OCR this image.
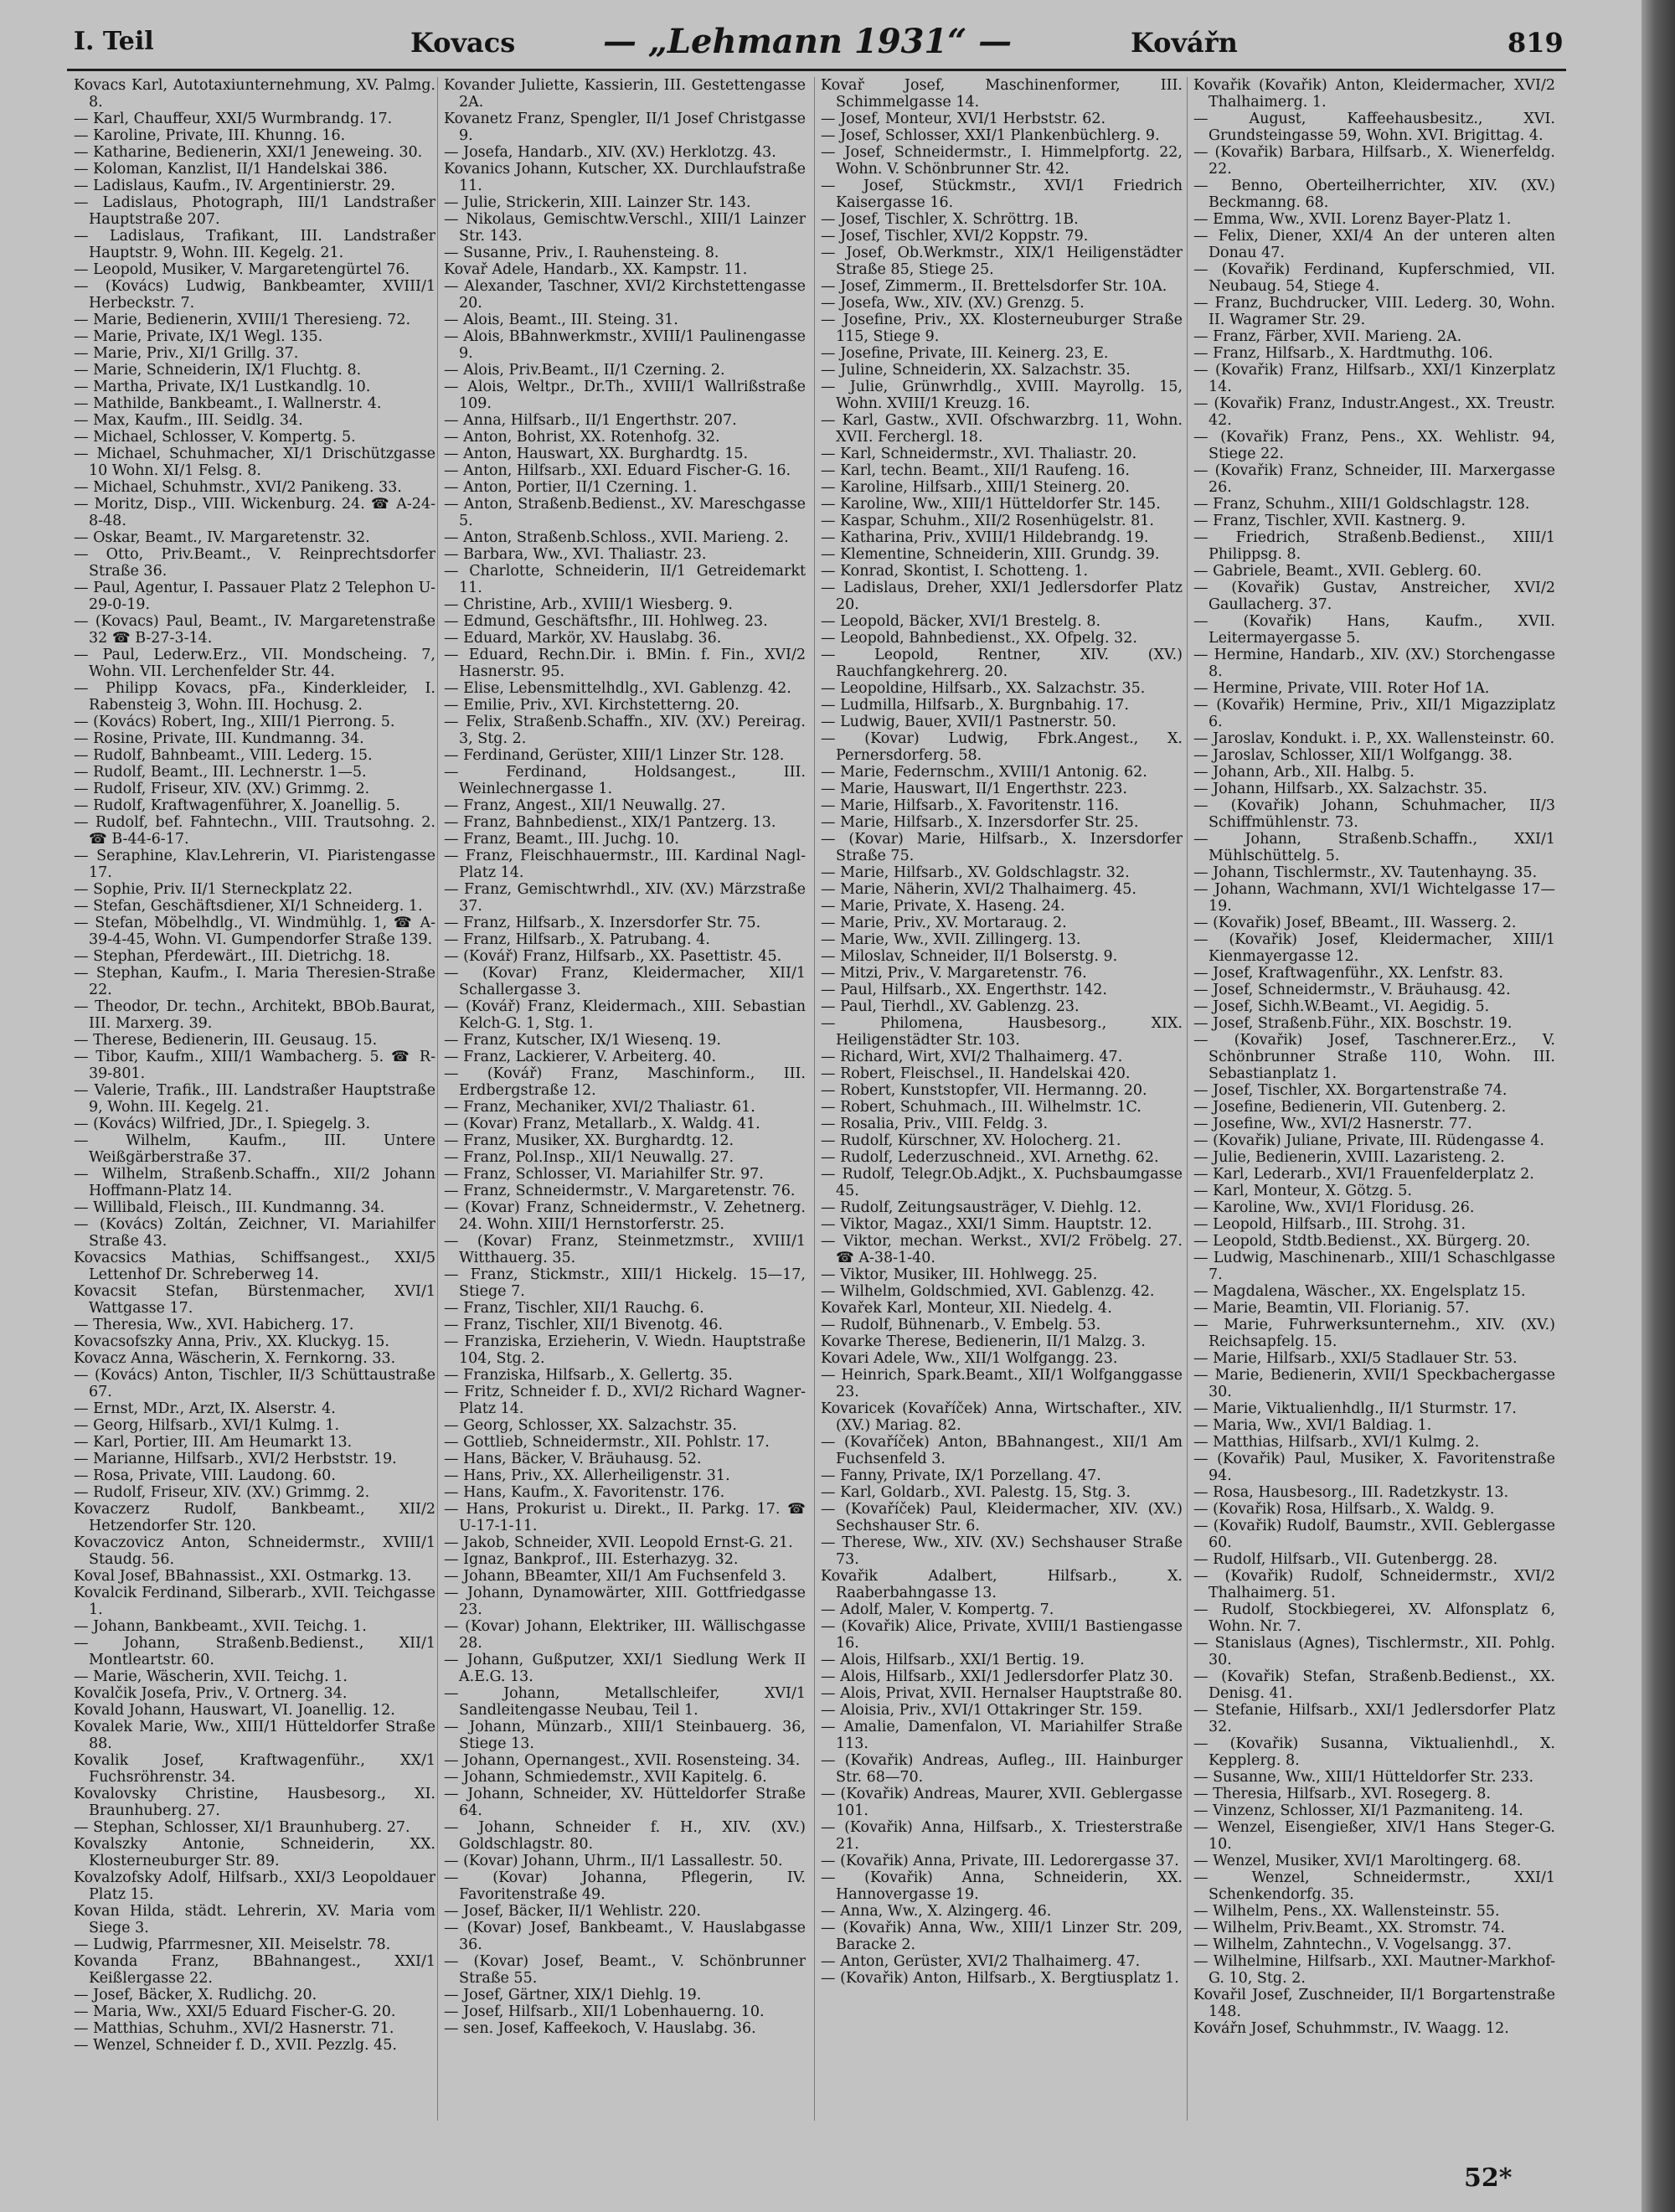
I. Teil	Kovacs	— „Lehmann 1931“ —	Kovářn	819

Kovacs Karl, Autotaxiunternehmung, XV. Palmg. 8.

— Karl, Chauffeur, XXI/5 Wurmbrandg. 17.

— Karoline, Private, III. Khunng. 16.

— Katharine, Bedienerin, XXI/1 Jeneweing. 30.

— Koloman, Kanzlist, II/1 Handelskai 386.

— Ladislaus, Kaufm., IV. Argentinierstr. 29.

— Ladislaus, Photograph, III/1 Landstraßer Hauptstraße 207.

— Ladislaus, Trafikant, III. Landstraßer Hauptstr. 9, Wohn. III. Kegelg. 21.

— Leopold, Musiker, V. Margaretengürtel 76.

— (Kovács) Ludwig, Bankbeamter, XVIII/1 Herbeckstr. 7.

— Marie, Bedienerin, XVIII/1 Theresieng. 72.

— Marie, Private, IX/1 Wegl. 135.

— Marie, Priv., XI/1 Grillg. 37.

— Marie, Schneiderin, IX/1 Fluchtg. 8.

— Martha, Private, IX/1 Lustkandlg. 10.

— Mathilde, Bankbeamt., I. Wallnerstr. 4.

— Max, Kaufm., III. Seidlg. 34.

— Michael, Schlosser, V. Kompertg. 5.

— Michael, Schuhmacher, XI/1 Drischützgasse 10 Wohn. XI/1 Felsg. 8.

— Michael, Schuhmstr., XVI/2 Panikeng. 33.

— Moritz, Disp., VIII. Wickenburg. 24. ☎ A-24-8-48.

— Oskar, Beamt., IV. Margaretenstr. 32.

— Otto, Priv.Beamt., V. Reinprechtsdorfer Straße 36.

— Paul, Agentur, I. Passauer Platz 2 Telephon U-29-0-19.

— (Kovacs) Paul, Beamt., IV. Margaretenstraße 32 ☎ B-27-3-14.

— Paul, Lederw.Erz., VII. Mondscheing. 7, Wohn. VII. Lerchenfelder Str. 44.

— Philipp Kovacs, pFa., Kinderkleider, I. Rabensteig 3, Wohn. III. Hochusg. 2.

— (Kovács) Robert, Ing., XIII/1 Pierrong. 5.

— Rosine, Private, III. Kundmanng. 34.

— Rudolf, Bahnbeamt., VIII. Lederg. 15.

— Rudolf, Beamt., III. Lechnerstr. 1—5.

— Rudolf, Friseur, XIV. (XV.) Grimmg. 2.

— Rudolf, Kraftwagenführer, X. Joanellig. 5.

— Rudolf, bef. Fahntechn., VIII. Trautsohng. 2. ☎ B-44-6-17.

— Seraphine, Klav.Lehrerin, VI. Piaristengasse 17.

— Sophie, Priv. II/1 Sterneckplatz 22.

— Stefan, Geschäftsdiener, XI/1 Schneiderg. 1.

— Stefan, Möbelhdlg., VI. Windmühlg. 1, ☎ A-39-4-45, Wohn. VI. Gumpendorfer Straße 139.

— Stephan, Pferdewärt., III. Dietrichg. 18.

— Stephan, Kaufm., I. Maria Theresien-Straße 22.

— Theodor, Dr. techn., Architekt, BBOb.Baurat, III. Marxerg. 39.

— Therese, Bedienerin, III. Geusaug. 15.

— Tibor, Kaufm., XIII/1 Wambacherg. 5. ☎ R-39-801.

— Valerie, Trafik., III. Landstraßer Hauptstraße 9, Wohn. III. Kegelg. 21.

— (Kovács) Wilfried, JDr., I. Spiegelg. 3.

— Wilhelm, Kaufm., III. Untere Weißgärberstraße 37.

— Wilhelm, Straßenb.Schaffn., XII/2 Johann Hoffmann-Platz 14.

— Willibald, Fleisch., III. Kundmanng. 34.

— (Kovács) Zoltán, Zeichner, VI. Mariahilfer Straße 43.

Kovacsics Mathias, Schiffsangest., XXI/5 Lettenhof Dr. Schreberweg 14.

Kovacsit Stefan, Bürstenmacher, XVI/1 Wattgasse 17.

— Theresia, Ww., XVI. Habicherg. 17.

Kovacsofszky Anna, Priv., XX. Kluckyg. 15.

Kovacz Anna, Wäscherin, X. Fernkorng. 33.

— (Kovács) Anton, Tischler, II/3 Schüttaustraße 67.

— Ernst, MDr., Arzt, IX. Alserstr. 4.

— Georg, Hilfsarb., XVI/1 Kulmg. 1.

— Karl, Portier, III. Am Heumarkt 13.

— Marianne, Hilfsarb., XVI/2 Herbststr. 19.

— Rosa, Private, VIII. Laudong. 60.

— Rudolf, Friseur, XIV. (XV.) Grimmg. 2.

Kovaczerz Rudolf, Bankbeamt., XII/2 Hetzendorfer Str. 120.

Kovaczovicz Anton, Schneidermstr., XVIII/1 Staudg. 56.

Koval Josef, BBahnassist., XXI. Ostmarkg. 13.

Kovalcik Ferdinand, Silberarb., XVII. Teichgasse 1.

— Johann, Bankbeamt., XVII. Teichg. 1.

— Johann, Straßenb.Bedienst., XII/1 Montleartstr. 60.

— Marie, Wäscherin, XVII. Teichg. 1.

Kovalčik Josefa, Priv., V. Ortnerg. 34.

Kovald Johann, Hauswart, VI. Joanellig. 12.

Kovalek Marie, Ww., XIII/1 Hütteldorfer Straße 88.

Kovalik Josef, Kraftwagenführ., XX/1 Fuchsröhrenstr. 34.

Kovalovsky Christine, Hausbesorg., XI. Braunhuberg. 27.

— Stephan, Schlosser, XI/1 Braunhuberg. 27.

Kovalszky Antonie, Schneiderin, XX. Klosterneuburger Str. 89.

Kovalzofsky Adolf, Hilfsarb., XXI/3 Leopoldauer Platz 15.

Kovan Hilda, städt. Lehrerin, XV. Maria vom Siege 3.

— Ludwig, Pfarrmesner, XII. Meiselstr. 78.

Kovanda Franz, BBahnangest., XXI/1 Keißlergasse 22.

— Josef, Bäcker, X. Rudlichg. 20.

— Maria, Ww., XXI/5 Eduard Fischer-G. 20.

— Matthias, Schuhm., XVI/2 Hasnerstr. 71.

— Wenzel, Schneider f. D., XVII. Pezzlg. 45.

Kovander Juliette, Kassierin, III. Gestettengasse 2A.

Kovanetz Franz, Spengler, II/1 Josef Christgasse 9.

— Josefa, Handarb., XIV. (XV.) Herklotzg. 43.

Kovanics Johann, Kutscher, XX. Durchlaufstraße 11.

— Julie, Strickerin, XIII. Lainzer Str. 143.

— Nikolaus, Gemischtw.Verschl., XIII/1 Lainzer Str. 143.

— Susanne, Priv., I. Rauhensteing. 8.

Kovař Adele, Handarb., XX. Kampstr. 11.

— Alexander, Taschner, XVI/2 Kirchstettengasse 20.

— Alois, Beamt., III. Steing. 31.

— Alois, BBahnwerkmstr., XVIII/1 Paulinengasse 9.

— Alois, Priv.Beamt., II/1 Czerning. 2.

— Alois, Weltpr., Dr.Th., XVIII/1 Wallrißstraße 109.

— Anna, Hilfsarb., II/1 Engerthstr. 207.

— Anton, Bohrist, XX. Rotenhofg. 32.

— Anton, Hauswart, XX. Burghardtg. 15.

— Anton, Hilfsarb., XXI. Eduard Fischer-G. 16.

— Anton, Portier, II/1 Czerning. 1.

— Anton, Straßenb.Bedienst., XV. Mareschgasse 5.

— Anton, Straßenb.Schloss., XVII. Marieng. 2.

— Barbara, Ww., XVI. Thaliastr. 23.

— Charlotte, Schneiderin, II/1 Getreidemarkt 11.

— Christine, Arb., XVIII/1 Wiesberg. 9.

— Edmund, Geschäftsfhr., III. Hohlweg. 23.

— Eduard, Markör, XV. Hauslabg. 36.

— Eduard, Rechn.Dir. i. BMin. f. Fin., XVI/2 Hasnerstr. 95.

— Elise, Lebensmittelhdlg., XVI. Gablenzg. 42.

— Emilie, Priv., XVI. Kirchstetterng. 20.

— Felix, Straßenb.Schaffn., XIV. (XV.) Pereirag. 3, Stg. 2.

— Ferdinand, Gerüster, XIII/1 Linzer Str. 128.

— Ferdinand, Holdsangest., III. Weinlechnergasse 1.

— Franz, Angest., XII/1 Neuwallg. 27.

— Franz, Bahnbedienst., XIX/1 Pantzerg. 13.

— Franz, Beamt., III. Juchg. 10.

— Franz, Fleischhauermstr., III. Kardinal Nagl-Platz 14.

— Franz, Gemischtwrhdl., XIV. (XV.) Märzstraße 37.

— Franz, Hilfsarb., X. Inzersdorfer Str. 75.

— Franz, Hilfsarb., X. Patrubang. 4.

— (Kovář) Franz, Hilfsarb., XX. Pasettistr. 45.

— (Kovar) Franz, Kleidermacher, XII/1 Schallergasse 3.

— (Kovář) Franz, Kleidermach., XIII. Sebastian Kelch-G. 1, Stg. 1.

— Franz, Kutscher, IX/1 Wiesenq. 19.

— Franz, Lackierer, V. Arbeiterg. 40.

— (Kovář) Franz, Maschinform., III. Erdbergstraße 12.

— Franz, Mechaniker, XVI/2 Thaliastr. 61.

— (Kovar) Franz, Metallarb., X. Waldg. 41.

— Franz, Musiker, XX. Burghardtg. 12.

— Franz, Pol.Insp., XII/1 Neuwallg. 27.

— Franz, Schlosser, VI. Mariahilfer Str. 97.

— Franz, Schneidermstr., V. Margaretenstr. 76.

— (Kovar) Franz, Schneidermstr., V. Zehetnerg. 24. Wohn. XIII/1 Hernstorferstr. 25.

— (Kovar) Franz, Steinmetzmstr., XVIII/1 Witthauerg. 35.

— Franz, Stickmstr., XIII/1 Hickelg. 15—17, Stiege 7.

— Franz, Tischler, XII/1 Rauchg. 6.

— Franz, Tischler, XII/1 Bivenotg. 46.

— Franziska, Erzieherin, V. Wiedn. Hauptstraße 104, Stg. 2.

— Franziska, Hilfsarb., X. Gellertg. 35.

— Fritz, Schneider f. D., XVI/2 Richard Wagner-Platz 14.

— Georg, Schlosser, XX. Salzachstr. 35.

— Gottlieb, Schneidermstr., XII. Pohlstr. 17.

— Hans, Bäcker, V. Bräuhausg. 52.

— Hans, Priv., XX. Allerheiligenstr. 31.

— Hans, Kaufm., X. Favoritenstr. 176.

— Hans, Prokurist u. Direkt., II. Parkg. 17. ☎ U-17-1-11.

— Jakob, Schneider, XVII. Leopold Ernst-G. 21.

— Ignaz, Bankprof., III. Esterhazyg. 32.

— Johann, BBeamter, XII/1 Am Fuchsenfeld 3.

— Johann, Dynamowärter, XIII. Gottfriedgasse 23.

— (Kovar) Johann, Elektriker, III. Wällischgasse 28.

— Johann, Gußputzer, XXI/1 Siedlung Werk II A.E.G. 13.

— Johann, Metallschleifer, XVI/1 Sandleitengasse Neubau, Teil 1.

— Johann, Münzarb., XIII/1 Steinbauerg. 36, Stiege 13.

— Johann, Opernangest., XVII. Rosensteing. 34.

— Johann, Schmiedemstr., XVII Kapitelg. 6.

— Johann, Schneider, XV. Hütteldorfer Straße 64.

— Johann, Schneider f. H., XIV. (XV.) Goldschlagstr. 80.

— (Kovar) Johann, Uhrm., II/1 Lassallestr. 50.

— (Kovar) Johanna, Pflegerin, IV. Favoritenstraße 49.

— Josef, Bäcker, II/1 Wehlistr. 220.

— (Kovar) Josef, Bankbeamt., V. Hauslabgasse 36.

— (Kovar) Josef, Beamt., V. Schönbrunner Straße 55.

— Josef, Gärtner, XIX/1 Diehlg. 19.

— Josef, Hilfsarb., XII/1 Lobenhauerng. 10.

— sen. Josef, Kaffeekoch, V. Hauslabg. 36.

Kovař Josef, Maschinenformer, III. Schimmelgasse 14.

— Josef, Monteur, XVI/1 Herbststr. 62.

— Josef, Schlosser, XXI/1 Plankenbüchlerg. 9.

— Josef, Schneidermstr., I. Himmelpfortg. 22, Wohn. V. Schönbrunner Str. 42.

— Josef, Stückmstr., XVI/1 Friedrich Kaisergasse 16.

— Josef, Tischler, X. Schröttrg. 1B.

— Josef, Tischler, XVI/2 Koppstr. 79.

— Josef, Ob.Werkmstr., XIX/1 Heiligenstädter Straße 85, Stiege 25.

— Josef, Zimmerm., II. Brettelsdorfer Str. 10A.

— Josefa, Ww., XIV. (XV.) Grenzg. 5.

— Josefine, Priv., XX. Klosterneuburger Straße 115, Stiege 9.

— Josefine, Private, III. Keinerg. 23, E.

— Juline, Schneiderin, XX. Salzachstr. 35.

— Julie, Grünwrhdlg., XVIII. Mayrollg. 15, Wohn. XVIII/1 Kreuzg. 16.

— Karl, Gastw., XVII. Ofschwarzbrg. 11, Wohn. XVII. Ferchergl. 18.

— Karl, Schneidermstr., XVI. Thaliastr. 20.

— Karl, techn. Beamt., XII/1 Raufeng. 16.

— Karoline, Hilfsarb., XIII/1 Steinerg. 20.

— Karoline, Ww., XIII/1 Hütteldorfer Str. 145.

— Kaspar, Schuhm., XII/2 Rosenhügelstr. 81.

— Katharina, Priv., XVIII/1 Hildebrandg. 19.

— Klementine, Schneiderin, XIII. Grundg. 39.

— Konrad, Skontist, I. Schotteng. 1.

— Ladislaus, Dreher, XXI/1 Jedlersdorfer Platz 20.

— Leopold, Bäcker, XVI/1 Brestelg. 8.

— Leopold, Bahnbedienst., XX. Ofpelg. 32.

— Leopold, Rentner, XIV. (XV.) Rauchfangkehrerg. 20.

— Leopoldine, Hilfsarb., XX. Salzachstr. 35.

— Ludmilla, Hilfsarb., X. Burgnbahig. 17.

— Ludwig, Bauer, XVII/1 Pastnerstr. 50.

— (Kovar) Ludwig, Fbrk.Angest., X. Pernersdorferg. 58.

— Marie, Federnschm., XVIII/1 Antonig. 62.

— Marie, Hauswart, II/1 Engerthstr. 223.

— Marie, Hilfsarb., X. Favoritenstr. 116.

— Marie, Hilfsarb., X. Inzersdorfer Str. 25.

— (Kovar) Marie, Hilfsarb., X. Inzersdorfer Straße 75.

— Marie, Hilfsarb., XV. Goldschlagstr. 32.

— Marie, Näherin, XVI/2 Thalhaimerg. 45.

— Marie, Private, X. Haseng. 24.

— Marie, Priv., XV. Mortaraug. 2.

— Marie, Ww., XVII. Zillingerg. 13.

— Miloslav, Schneider, II/1 Bolserstg. 9.

— Mitzi, Priv., V. Margaretenstr. 76.

— Paul, Hilfsarb., XX. Engerthstr. 142.

— Paul, Tierhdl., XV. Gablenzg. 23.

— Philomena, Hausbesorg., XIX. Heiligenstädter Str. 103.

— Richard, Wirt, XVI/2 Thalhaimerg. 47.

— Robert, Fleischsel., II. Handelskai 420.

— Robert, Kunststopfer, VII. Hermanng. 20.

— Robert, Schuhmach., III. Wilhelmstr. 1C.

— Rosalia, Priv., VIII. Feldg. 3.

— Rudolf, Kürschner, XV. Holocherg. 21.

— Rudolf, Lederzuschneid., XVI. Arnethg. 62.

— Rudolf, Telegr.Ob.Adjkt., X. Puchsbaumgasse 45.

— Rudolf, Zeitungsausträger, V. Diehlg. 12.

— Viktor, Magaz., XXI/1 Simm. Hauptstr. 12.

— Viktor, mechan. Werkst., XVI/2 Fröbelg. 27. ☎ A-38-1-40.

— Viktor, Musiker, III. Hohlwegg. 25.

— Wilhelm, Goldschmied, XVI. Gablenzg. 42.

Kovařek Karl, Monteur, XII. Niedelg. 4.

— Rudolf, Bühnenarb., V. Embelg. 53.

Kovarke Therese, Bedienerin, II/1 Malzg. 3.

Kovari Adele, Ww., XII/1 Wolfgangg. 23.

— Heinrich, Spark.Beamt., XII/1 Wolfganggasse 23.

Kovaricek (Kovaříček) Anna, Wirtschafter., XIV. (XV.) Mariag. 82.

— (Kovaříček) Anton, BBahnangest., XII/1 Am Fuchsenfeld 3.

— Fanny, Private, IX/1 Porzellang. 47.

— Karl, Goldarb., XVI. Palestg. 15, Stg. 3.

— (Kovaříček) Paul, Kleidermacher, XIV. (XV.) Sechshauser Str. 6.

— Therese, Ww., XIV. (XV.) Sechshauser Straße 73.

Kovařik Adalbert, Hilfsarb., X. Raaberbahngasse 13.

— Adolf, Maler, V. Kompertg. 7.

— (Kovařik) Alice, Private, XVIII/1 Bastiengasse 16.

— Alois, Hilfsarb., XXI/1 Bertig. 19.

— Alois, Hilfsarb., XXI/1 Jedlersdorfer Platz 30.

— Alois, Privat, XVII. Hernalser Hauptstraße 80.

— Aloisia, Priv., XVI/1 Ottakringer Str. 159.

— Amalie, Damenfalon, VI. Mariahilfer Straße 113.

— (Kovařik) Andreas, Aufleg., III. Hainburger Str. 68—70.

— (Kovařik) Andreas, Maurer, XVII. Geblergasse 101.

— (Kovařik) Anna, Hilfsarb., X. Triesterstraße 21.

— (Kovařik) Anna, Private, III. Ledorergasse 37.

— (Kovařik) Anna, Schneiderin, XX. Hannovergasse 19.

— Anna, Ww., X. Alzingerg. 46.

— (Kovařik) Anna, Ww., XIII/1 Linzer Str. 209, Baracke 2.

— Anton, Gerüster, XVI/2 Thalhaimerg. 47.

— (Kovařik) Anton, Hilfsarb., X. Bergtiusplatz 1.

Kovařik (Kovařik) Anton, Kleidermacher, XVI/2 Thalhaimerg. 1.

— August, Kaffeehausbesitz., XVI. Grundsteingasse 59, Wohn. XVI. Brigittag. 4.

— (Kovařik) Barbara, Hilfsarb., X. Wienerfeldg. 22.

— Benno, Oberteilherrichter, XIV. (XV.) Beckmanng. 68.

— Emma, Ww., XVII. Lorenz Bayer-Platz 1.

— Felix, Diener, XXI/4 An der unteren alten Donau 47.

— (Kovařik) Ferdinand, Kupferschmied, VII. Neubaug. 54, Stiege 4.

— Franz, Buchdrucker, VIII. Lederg. 30, Wohn. II. Wagramer Str. 29.

— Franz, Färber, XVII. Marieng. 2A.

— Franz, Hilfsarb., X. Hardtmuthg. 106.

— (Kovařik) Franz, Hilfsarb., XXI/1 Kinzerplatz 14.

— (Kovařik) Franz, Industr.Angest., XX. Treustr. 42.

— (Kovařik) Franz, Pens., XX. Wehlistr. 94, Stiege 22.

— (Kovařik) Franz, Schneider, III. Marxergasse 26.

— Franz, Schuhm., XIII/1 Goldschlagstr. 128.

— Franz, Tischler, XVII. Kastnerg. 9.

— Friedrich, Straßenb.Bedienst., XIII/1 Philippsg. 8.

— Gabriele, Beamt., XVII. Geblerg. 60.

— (Kovařik) Gustav, Anstreicher, XVI/2 Gaullacherg. 37.

— (Kovařik) Hans, Kaufm., XVII. Leitermayergasse 5.

— Hermine, Handarb., XIV. (XV.) Storchengasse 8.

— Hermine, Private, VIII. Roter Hof 1A.

— (Kovařik) Hermine, Priv., XII/1 Migazziplatz 6.

— Jaroslav, Kondukt. i. P., XX. Wallensteinstr. 60.

— Jaroslav, Schlosser, XII/1 Wolfgangg. 38.

— Johann, Arb., XII. Halbg. 5.

— Johann, Hilfsarb., XX. Salzachstr. 35.

— (Kovařik) Johann, Schuhmacher, II/3 Schiffmühlenstr. 73.

— Johann, Straßenb.Schaffn., XXI/1 Mühlschüttelg. 5.

— Johann, Tischlermstr., XV. Tautenhayng. 35.

— Johann, Wachmann, XVI/1 Wichtelgasse 17—19.

— (Kovařik) Josef, BBeamt., III. Wasserg. 2.

— (Kovařik) Josef, Kleidermacher, XIII/1 Kienmayergasse 12.

— Josef, Kraftwagenführ., XX. Lenfstr. 83.

— Josef, Schneidermstr., V. Bräuhausg. 42.

— Josef, Sichh.W.Beamt., VI. Aegidig. 5.

— Josef, Straßenb.Führ., XIX. Boschstr. 19.

— (Kovařik) Josef, Taschnerer.Erz., V. Schönbrunner Straße 110, Wohn. III. Sebastianplatz 1.

— Josef, Tischler, XX. Borgartenstraße 74.

— Josefine, Bedienerin, VII. Gutenberg. 2.

— Josefine, Ww., XVI/2 Hasnerstr. 77.

— (Kovařik) Juliane, Private, III. Rüdengasse 4.

— Julie, Bedienerin, XVIII. Lazaristeng. 2.

— Karl, Lederarb., XVI/1 Frauenfelderplatz 2.

— Karl, Monteur, X. Götzg. 5.

— Karoline, Ww., XVI/1 Floridusg. 26.

— Leopold, Hilfsarb., III. Strohg. 31.

— Leopold, Stdtb.Bedienst., XX. Bürgerg. 20.

— Ludwig, Maschinenarb., XIII/1 Schaschlgasse 7.

— Magdalena, Wäscher., XX. Engelsplatz 15.

— Marie, Beamtin, VII. Florianig. 57.

— Marie, Fuhrwerksunternehm., XIV. (XV.) Reichsapfelg. 15.

— Marie, Hilfsarb., XXI/5 Stadlauer Str. 53.

— Marie, Bedienerin, XVII/1 Speckbachergasse 30.

— Marie, Viktualienhdlg., II/1 Sturmstr. 17.

— Maria, Ww., XVI/1 Baldiag. 1.

— Matthias, Hilfsarb., XVI/1 Kulmg. 2.

— (Kovařik) Paul, Musiker, X. Favoritenstraße 94.

— Rosa, Hausbesorg., III. Radetzkystr. 13.

— (Kovařik) Rosa, Hilfsarb., X. Waldg. 9.

— (Kovařik) Rudolf, Baumstr., XVII. Geblergasse 60.

— Rudolf, Hilfsarb., VII. Gutenbergg. 28.

— (Kovařik) Rudolf, Schneidermstr., XVI/2 Thalhaimerg. 51.

— Rudolf, Stockbiegerei, XV. Alfonsplatz 6, Wohn. Nr. 7.

— Stanislaus (Agnes), Tischlermstr., XII. Pohlg. 30.

— (Kovařik) Stefan, Straßenb.Bedienst., XX. Denisg. 41.

— Stefanie, Hilfsarb., XXI/1 Jedlersdorfer Platz 32.

— (Kovařik) Susanna, Viktualienhdl., X. Kepplerg. 8.

— Susanne, Ww., XIII/1 Hütteldorfer Str. 233.

— Theresia, Hilfsarb., XVI. Rosegerg. 8.

— Vinzenz, Schlosser, XI/1 Pazmaniteng. 14.

— Wenzel, Eisengießer, XIV/1 Hans Steger-G. 10.

— Wenzel, Musiker, XVI/1 Maroltingerg. 68.

— Wenzel, Schneidermstr., XXI/1 Schenkendorfg. 35.

— Wilhelm, Pens., XX. Wallensteinstr. 55.

— Wilhelm, Priv.Beamt., XX. Stromstr. 74.

— Wilhelm, Zahntechn., V. Vogelsangg. 37.

— Wilhelmine, Hilfsarb., XXI. Mautner-Markhof-G. 10, Stg. 2.

Kovařil Josef, Zuschneider, II/1 Borgartenstraße 148.

Kovářn Josef, Schuhmmstr., IV. Waagg. 12.

52*
